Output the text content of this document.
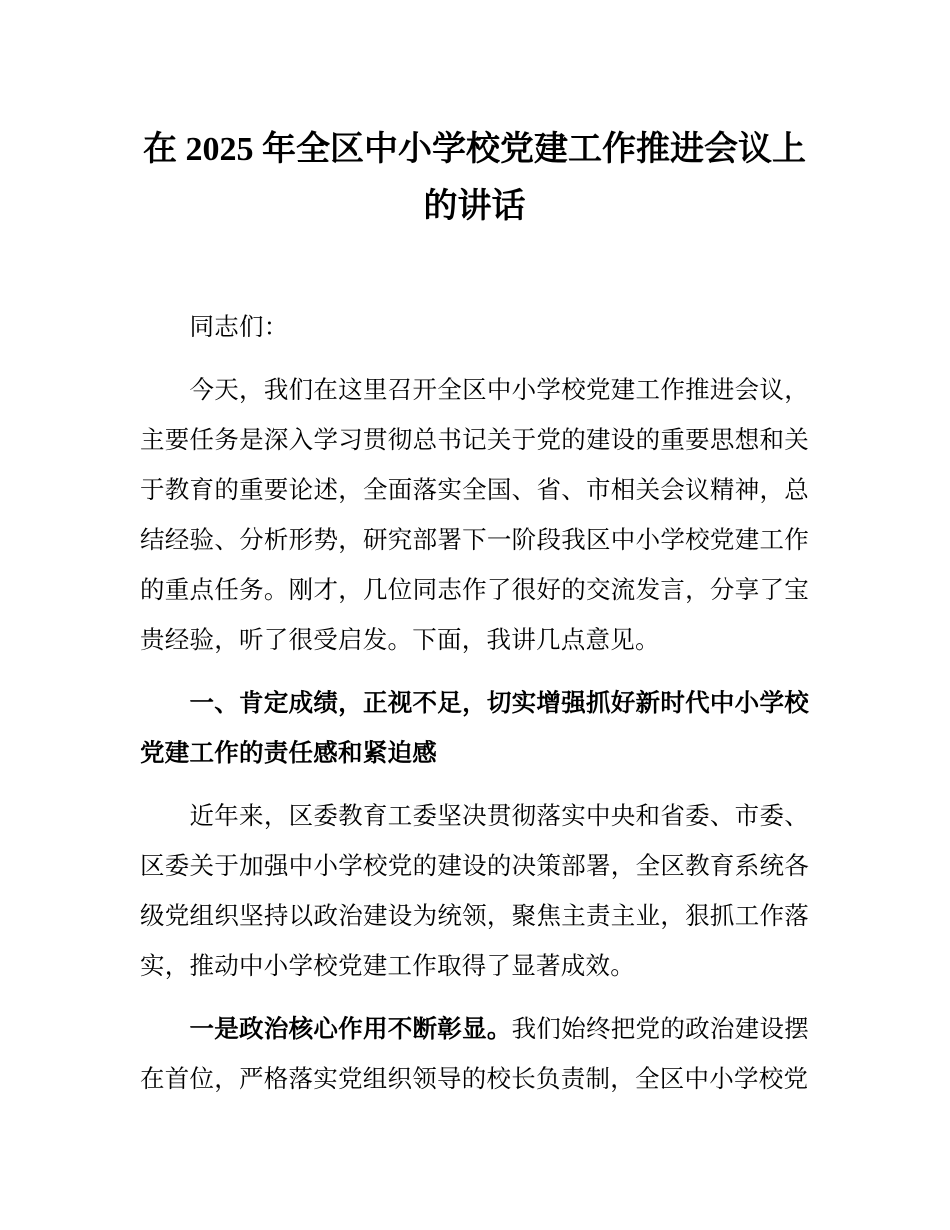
在 2025 年全区中小学校党建工作推进会议上
的讲话

同志们：

今天，我们在这里召开全区中小学校党建工作推进会议，主要任务是深入学习贯彻总书记关于党的建设的重要思想和关于教育的重要论述，全面落实全国、省、市相关会议精神，总结经验、分析形势，研究部署下一阶段我区中小学校党建工作的重点任务。刚才，几位同志作了很好的交流发言，分享了宝贵经验，听了很受启发。下面，我讲几点意见。

一、肯定成绩，正视不足，切实增强抓好新时代中小学校党建工作的责任感和紧迫感

近年来，区委教育工委坚决贯彻落实中央和省委、市委、区委关于加强中小学校党的建设的决策部署，全区教育系统各级党组织坚持以政治建设为统领，聚焦主责主业，狠抓工作落实，推动中小学校党建工作取得了显著成效。

一是政治核心作用不断彰显。我们始终把党的政治建设摆在首位，严格落实党组织领导的校长负责制，全区中小学校党
